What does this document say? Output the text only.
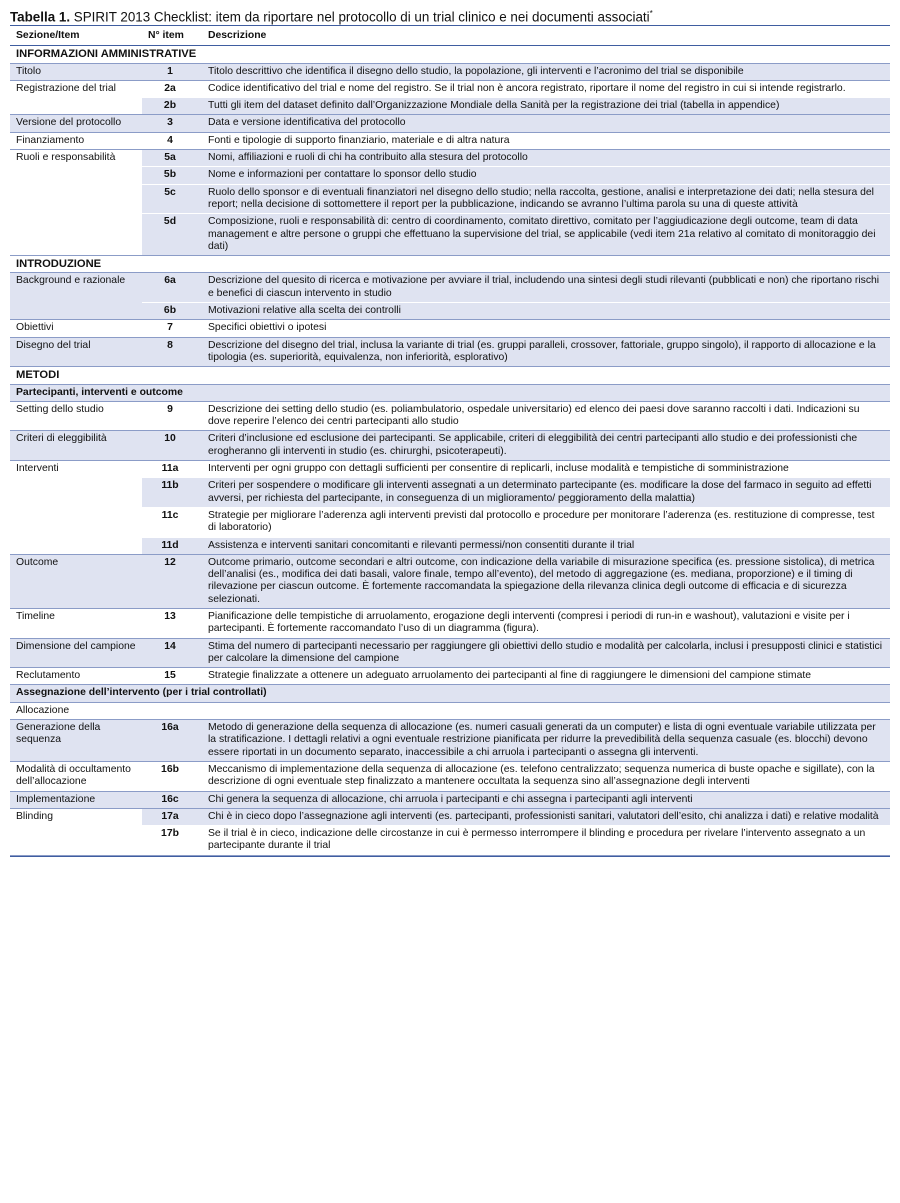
Tabella 1. SPIRIT 2013 Checklist: item da riportare nel protocollo di un trial clinico e nei documenti associati*
Sezione/Item	N° item	Descrizione
INFORMAZIONI AMMINISTRATIVE		
Titolo	1	Titolo descrittivo che identifica il disegno dello studio, la popolazione, gli interventi e l’acronimo del trial se disponibile
Registrazione del trial	2a	Codice identificativo del trial e nome del registro. Se il trial non è ancora registrato, riportare il nome del registro in cui si intende registrarlo.
	2b	Tutti gli item del dataset definito dall’Organizzazione Mondiale della Sanità per la registrazione dei trial (tabella in appendice)
Versione del protocollo	3	Data e versione identificativa del protocollo
Finanziamento	4	Fonti e tipologie di supporto finanziario, materiale e di altra natura
Ruoli e responsabilità	5a	Nomi, affiliazioni e ruoli di chi ha contribuito alla stesura del protocollo
	5b	Nome e informazioni per contattare lo sponsor dello studio
	5c	Ruolo dello sponsor e di eventuali finanziatori nel disegno dello studio; nella raccolta, gestione, analisi e interpretazione dei dati; nella stesura del report; nella decisione di sottomettere il report per la pubblicazione, indicando se avranno l’ultima parola su una di queste attività
	5d	Composizione, ruoli e responsabilità di: centro di coordinamento, comitato direttivo, comitato per l’aggiudicazione degli outcome, team di data management e altre persone o gruppi che effettuano la supervisione del trial, se applicabile (vedi item 21a relativo al comitato di monitoraggio dei dati)
INTRODUZIONE		
Background e razionale	6a	Descrizione del quesito di ricerca e motivazione per avviare il trial, includendo una sintesi degli studi rilevanti (pubblicati e non) che riportano rischi e benefici di ciascun intervento in studio
	6b	Motivazioni relative alla scelta dei controlli
Obiettivi	7	Specifici obiettivi o ipotesi
Disegno del trial	8	Descrizione del disegno del trial, inclusa la variante di trial (es. gruppi paralleli, crossover, fattoriale, gruppo singolo), il rapporto di allocazione e la tipologia (es. superiorità, equivalenza, non inferiorità, esplorativo)
METODI		
Partecipanti, interventi e outcome		
Setting dello studio	9	Descrizione dei setting dello studio (es. poliambulatorio, ospedale universitario) ed elenco dei paesi dove saranno raccolti i dati. Indicazioni su dove reperire l’elenco dei centri partecipanti allo studio
Criteri di eleggibilità	10	Criteri d’inclusione ed esclusione dei partecipanti. Se applicabile, criteri di eleggibilità dei centri partecipanti allo studio e dei professionisti che erogheranno gli interventi in studio (es. chirurghi, psicoterapeuti).
Interventi	11a	Interventi per ogni gruppo con dettagli sufficienti per consentire di replicarli, incluse modalità e tempistiche di somministrazione
	11b	Criteri per sospendere o modificare gli interventi assegnati a un determinato partecipante (es. modificare la dose del farmaco in seguito ad effetti avversi, per richiesta del partecipante, in conseguenza di un miglioramento/ peggioramento della malattia)
	11c	Strategie per migliorare l’aderenza agli interventi previsti dal protocollo e procedure per monitorare l’aderenza (es. restituzione di compresse, test di laboratorio)
	11d	Assistenza e interventi sanitari concomitanti e rilevanti permessi/non consentiti durante il trial
Outcome	12	Outcome primario, outcome secondari e altri outcome, con indicazione della variabile di misurazione specifica (es. pressione sistolica), di metrica dell’analisi (es., modifica dei dati basali, valore finale, tempo all’evento), del metodo di aggregazione (es. mediana, proporzione) e il timing di rilevazione per ciascun outcome. È fortemente raccomandata la spiegazione della rilevanza clinica degli outcome di efficacia e di sicurezza selezionati.
Timeline	13	Pianificazione delle tempistiche di arruolamento, erogazione degli interventi (compresi i periodi di run-in e washout), valutazioni e visite per i partecipanti. È fortemente raccomandato l’uso di un diagramma (figura).
Dimensione del campione	14	Stima del numero di partecipanti necessario per raggiungere gli obiettivi dello studio e modalità per calcolarla, inclusi i presupposti clinici e statistici per calcolare la dimensione del campione
Reclutamento	15	Strategie finalizzate a ottenere un adeguato arruolamento dei partecipanti al fine di raggiungere le dimensioni del campione stimate
Assegnazione dell’intervento (per i trial controllati)		
Allocazione		
Generazione della sequenza	16a	Metodo di generazione della sequenza di allocazione (es. numeri casuali generati da un computer) e lista di ogni eventuale variabile utilizzata per la stratificazione. I dettagli relativi a ogni eventuale restrizione pianificata per ridurre la prevedibilità della sequenza casuale (es. blocchi) devono essere riportati in un documento separato, inaccessibile a chi arruola i partecipanti o assegna gli interventi.
Modalità di occultamento dell’allocazione	16b	Meccanismo di implementazione della sequenza di allocazione (es. telefono centralizzato; sequenza numerica di buste opache e sigillate), con la descrizione di ogni eventuale step finalizzato a mantenere occultata la sequenza sino all’assegnazione degli interventi
Implementazione	16c	Chi genera la sequenza di allocazione, chi arruola i partecipanti e chi assegna i partecipanti agli interventi
Blinding	17a	Chi è in cieco dopo l’assegnazione agli interventi (es. partecipanti, professionisti sanitari, valutatori dell’esito, chi analizza i dati) e relative modalità
	17b	Se il trial è in cieco, indicazione delle circostanze in cui è permesso interrompere il blinding e procedura per rivelare l’intervento assegnato a un partecipante durante il trial
